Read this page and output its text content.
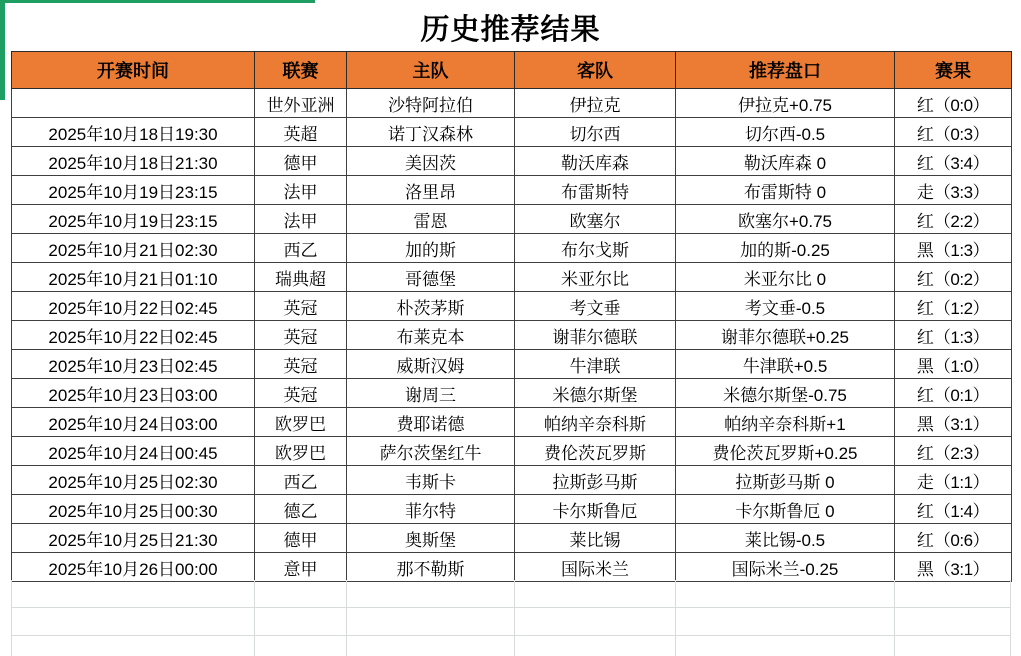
历史推荐结果
开赛时间	联赛	主队	客队	推荐盘口	赛果
	世外亚洲	沙特阿拉伯	伊拉克	伊拉克+0.75	红（0:0）
2025年10月18日19:30	英超	诺丁汉森林	切尔西	切尔西-0.5	红（0:3）
2025年10月18日21:30	德甲	美因茨	勒沃库森	勒沃库森 0	红（3:4）
2025年10月19日23:15	法甲	洛里昂	布雷斯特	布雷斯特 0	走（3:3）
2025年10月19日23:15	法甲	雷恩	欧塞尔	欧塞尔+0.75	红（2:2）
2025年10月21日02:30	西乙	加的斯	布尔戈斯	加的斯-0.25	黑（1:3）
2025年10月21日01:10	瑞典超	哥德堡	米亚尔比	米亚尔比 0	红（0:2）
2025年10月22日02:45	英冠	朴茨茅斯	考文垂	考文垂-0.5	红（1:2）
2025年10月22日02:45	英冠	布莱克本	谢菲尔德联	谢菲尔德联+0.25	红（1:3）
2025年10月23日02:45	英冠	威斯汉姆	牛津联	牛津联+0.5	黑（1:0）
2025年10月23日03:00	英冠	谢周三	米德尔斯堡	米德尔斯堡-0.75	红（0:1）
2025年10月24日03:00	欧罗巴	费耶诺德	帕纳辛奈科斯	帕纳辛奈科斯+1	黑（3:1）
2025年10月24日00:45	欧罗巴	萨尔茨堡红牛	费伦茨瓦罗斯	费伦茨瓦罗斯+0.25	红（2:3）
2025年10月25日02:30	西乙	韦斯卡	拉斯彭马斯	拉斯彭马斯 0	走（1:1）
2025年10月25日00:30	德乙	菲尔特	卡尔斯鲁厄	卡尔斯鲁厄 0	红（1:4）
2025年10月25日21:30	德甲	奥斯堡	莱比锡	莱比锡-0.5	红（0:6）
2025年10月26日00:00	意甲	那不勒斯	国际米兰	国际米兰-0.25	黑（3:1）
